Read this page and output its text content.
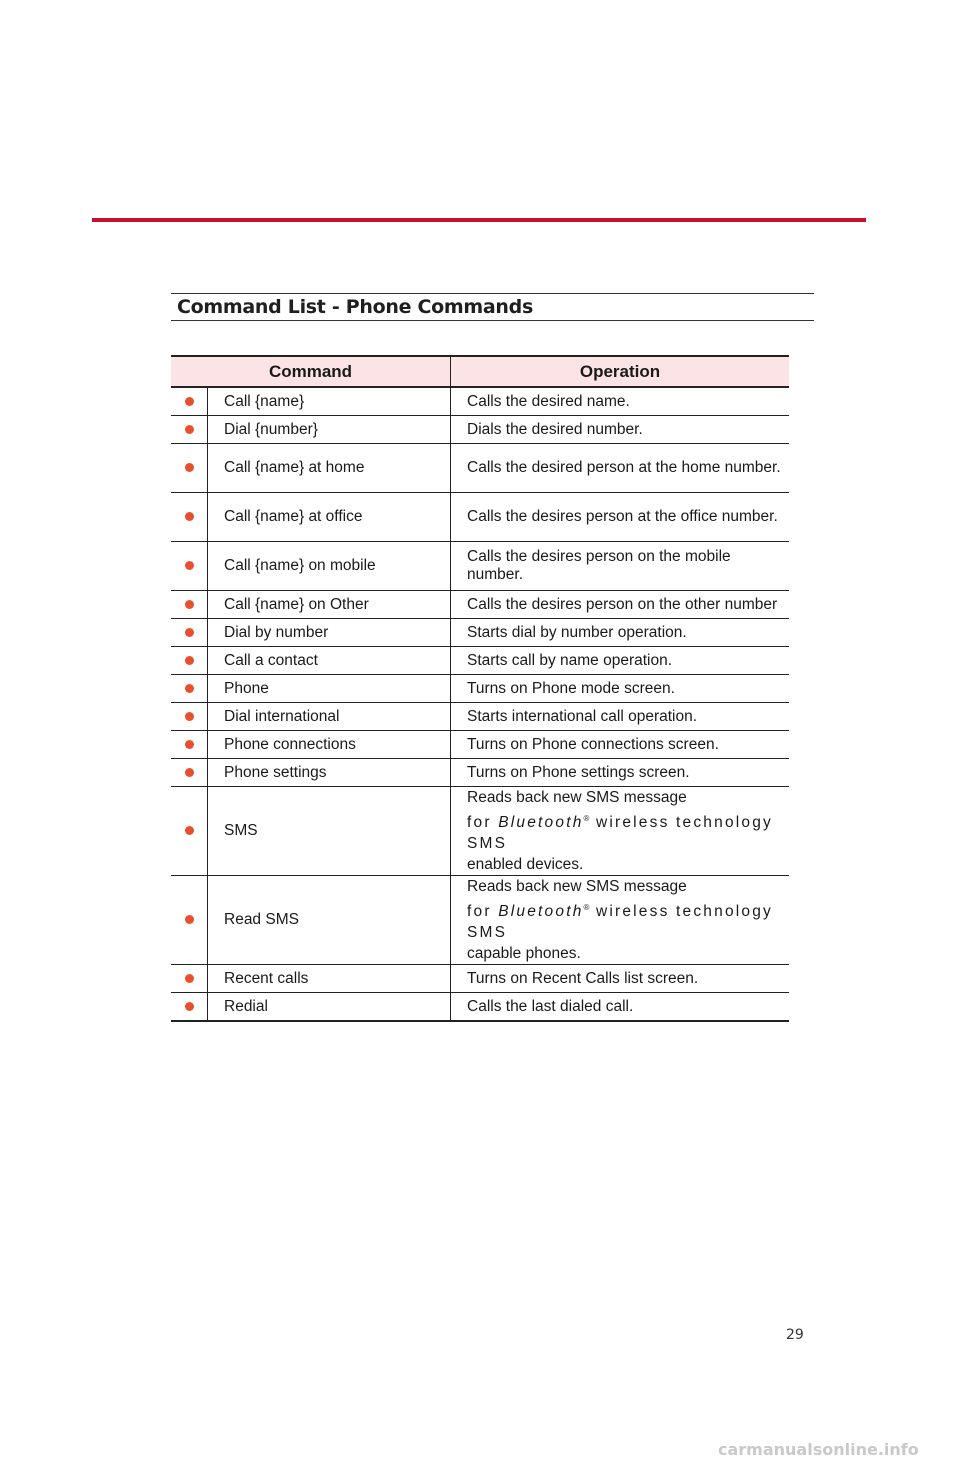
Command List - Phone Commands
Command		Operation
	Call {name}	Calls the desired name.
	Dial {number}	Dials the desired number.
	Call {name} at home	Calls the desired person at the home number.
	Call {name} at office	Calls the desires person at the office number.
	Call {name} on mobile	Calls the desires person on the mobile number.
	Call {name} on Other	Calls the desires person on the other number
	Dial by number	Starts dial by number operation.
	Call a contact	Starts call by name operation.
	Phone	Turns on Phone mode screen.
	Dial international	Starts international call operation.
	Phone connections	Turns on Phone connections screen.
	Phone settings	Turns on Phone settings screen.
	SMS	Reads back new SMS message
for Bluetooth® wireless technology SMS
enabled devices.
	Read SMS	Reads back new SMS message
for Bluetooth® wireless technology SMS
capable phones.
	Recent calls	Turns on Recent Calls list screen.
	Redial	Calls the last dialed call.
29
carmanualsonline.info
